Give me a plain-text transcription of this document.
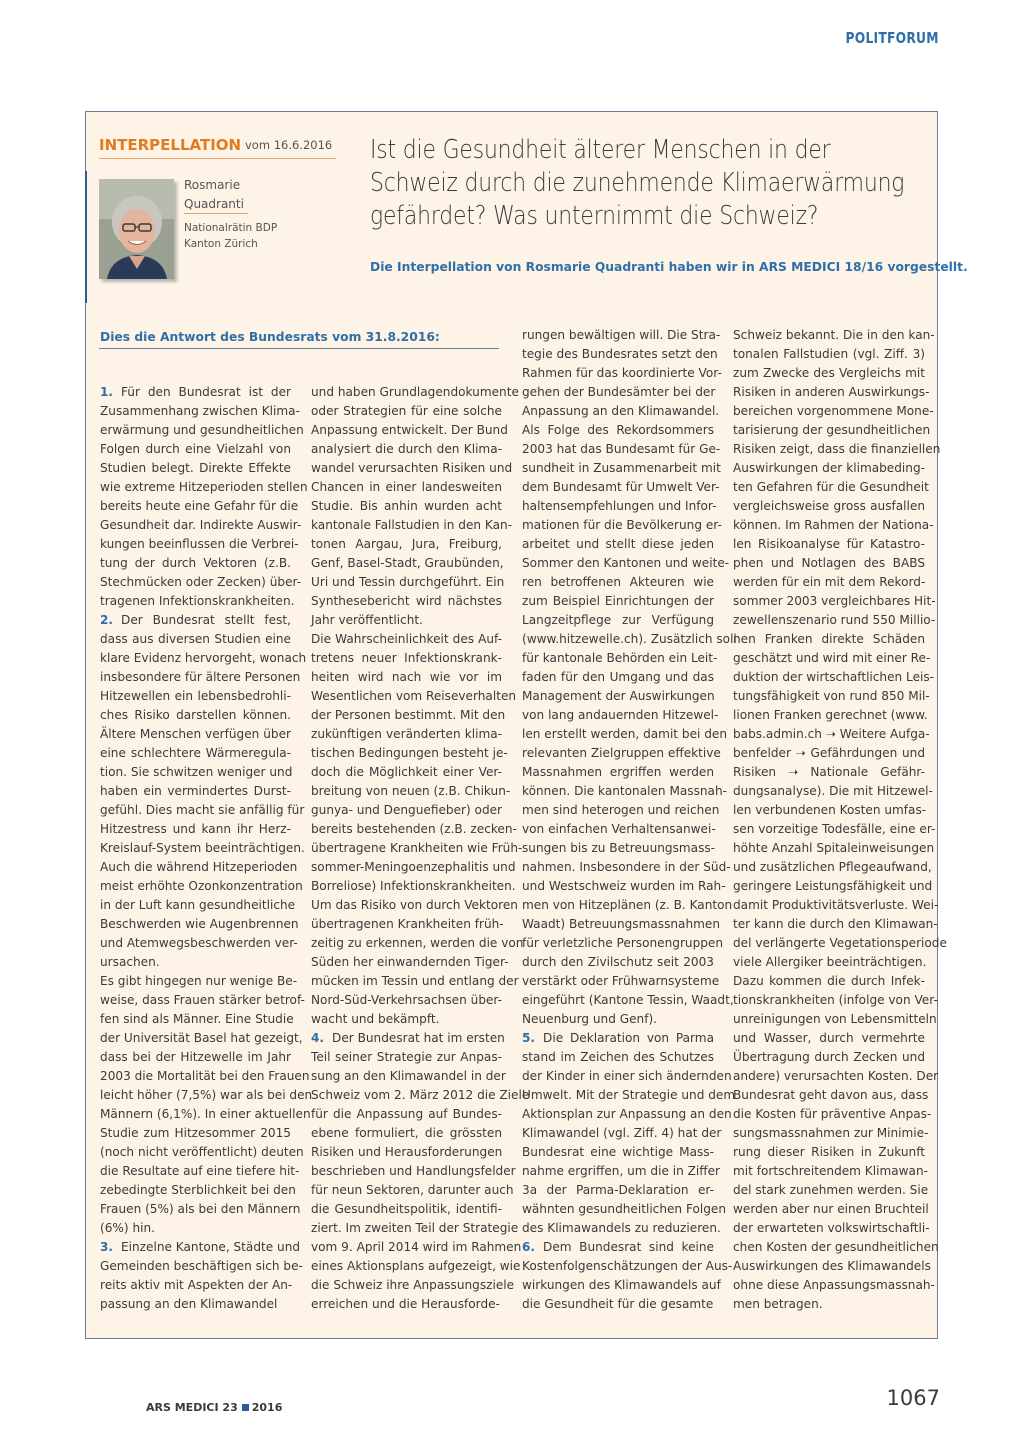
POLITFORUM
INTERPELLATION vom 16.6.2016
Rosmarie
Quadranti
Nationalrätin BDP
Kanton Zürich
Ist die Gesundheit älterer Menschen in der
Schweiz durch die zunehmende Klimaerwärmung
gefährdet? Was unternimmt die Schweiz?
Die Interpellation von Rosmarie Quadranti haben wir in ARS MEDICI 18/16 vorgestellt.
Dies die Antwort des Bundesrats vom 31.8.2016:
1. Für den Bundesrat ist der
Zusammenhang zwischen Klima-
erwärmung und gesundheitlichen
Folgen durch eine Vielzahl von
Studien belegt. Direkte Effekte
wie extreme Hitzeperioden stellen
bereits heute eine Gefahr für die
Gesundheit dar. Indirekte Auswir-
kungen beeinflussen die Verbrei-
tung der durch Vektoren (z.B.
Stechmücken oder Zecken) über-
tragenen Infektionskrankheiten.
2. Der Bundesrat stellt fest,
dass aus diversen Studien eine
klare Evidenz hervorgeht, wonach
insbesondere für ältere Personen
Hitzewellen ein lebensbedrohli-
ches Risiko darstellen können.
Ältere Menschen verfügen über
eine schlechtere Wärmeregula-
tion. Sie schwitzen weniger und
haben ein vermindertes Durst-
gefühl. Dies macht sie anfällig für
Hitzestress und kann ihr Herz-
Kreislauf-System beeinträchtigen.
Auch die während Hitzeperioden
meist erhöhte Ozonkonzentration
in der Luft kann gesundheitliche
Beschwerden wie Augenbrennen
und Atemwegsbeschwerden ver-
ursachen.
Es gibt hingegen nur wenige Be-
weise, dass Frauen stärker betrof-
fen sind als Männer. Eine Studie
der Universität Basel hat gezeigt,
dass bei der Hitzewelle im Jahr
2003 die Mortalität bei den Frauen
leicht höher (7,5%) war als bei den
Männern (6,1%). In einer aktuellen
Studie zum Hitzesommer 2015
(noch nicht veröffentlicht) deuten
die Resultate auf eine tiefere hit-
zebedingte Sterblichkeit bei den
Frauen (5%) als bei den Männern
(6%) hin.
3. Einzelne Kantone, Städte und
Gemeinden beschäftigen sich be-
reits aktiv mit Aspekten der An-
passung an den Klimawandel
und haben Grundlagendokumente
oder Strategien für eine solche
Anpassung entwickelt. Der Bund
analysiert die durch den Klima-
wandel verursachten Risiken und
Chancen in einer landesweiten
Studie. Bis anhin wurden acht
kantonale Fallstudien in den Kan-
tonen Aargau, Jura, Freiburg,
Genf, Basel-Stadt, Graubünden,
Uri und Tessin durchgeführt. Ein
Synthesebericht wird nächstes
Jahr veröffentlicht.
Die Wahrscheinlichkeit des Auf-
tretens neuer Infektionskrank-
heiten wird nach wie vor im
Wesentlichen vom Reiseverhalten
der Personen bestimmt. Mit den
zukünftigen veränderten klima-
tischen Bedingungen besteht je-
doch die Möglichkeit einer Ver-
breitung von neuen (z.B. Chikun-
gunya- und Denguefieber) oder
bereits bestehenden (z.B. zecken-
übertragene Krankheiten wie Früh-
sommer-Meningoenzephalitis und
Borreliose) Infektionskrankheiten.
Um das Risiko von durch Vektoren
übertragenen Krankheiten früh-
zeitig zu erkennen, werden die von
Süden her einwandernden Tiger-
mücken im Tessin und entlang der
Nord-Süd-Verkehrsachsen über-
wacht und bekämpft.
4. Der Bundesrat hat im ersten
Teil seiner Strategie zur Anpas-
sung an den Klimawandel in der
Schweiz vom 2. März 2012 die Ziele
für die Anpassung auf Bundes-
ebene formuliert, die grössten
Risiken und Herausforderungen
beschrieben und Handlungsfelder
für neun Sektoren, darunter auch
die Gesundheitspolitik, identifi-
ziert. Im zweiten Teil der Strategie
vom 9. April 2014 wird im Rahmen
eines Aktionsplans aufgezeigt, wie
die Schweiz ihre Anpassungsziele
erreichen und die Herausforde-
rungen bewältigen will. Die Stra-
tegie des Bundesrates setzt den
Rahmen für das koordinierte Vor-
gehen der Bundesämter bei der
Anpassung an den Klimawandel.
Als Folge des Rekordsommers
2003 hat das Bundesamt für Ge-
sundheit in Zusammenarbeit mit
dem Bundesamt für Umwelt Ver-
haltensempfehlungen und Infor-
mationen für die Bevölkerung er-
arbeitet und stellt diese jeden
Sommer den Kantonen und weite-
ren betroffenen Akteuren wie
zum Beispiel Einrichtungen der
Langzeitpflege zur Verfügung
(www.hitzewelle.ch). Zusätzlich soll
für kantonale Behörden ein Leit-
faden für den Umgang und das
Management der Auswirkungen
von lang andauernden Hitzewel-
len erstellt werden, damit bei den
relevanten Zielgruppen effektive
Massnahmen ergriffen werden
können. Die kantonalen Massnah-
men sind heterogen und reichen
von einfachen Verhaltensanwei-
sungen bis zu Betreuungsmass-
nahmen. Insbesondere in der Süd-
und Westschweiz wurden im Rah-
men von Hitzeplänen (z. B. Kanton
Waadt) Betreuungsmassnahmen
für verletzliche Personengruppen
durch den Zivilschutz seit 2003
verstärkt oder Frühwarnsysteme
eingeführt (Kantone Tessin, Waadt,
Neuenburg und Genf).
5. Die Deklaration von Parma
stand im Zeichen des Schutzes
der Kinder in einer sich ändernden
Umwelt. Mit der Strategie und dem
Aktionsplan zur Anpassung an den
Klimawandel (vgl. Ziff. 4) hat der
Bundesrat eine wichtige Mass-
nahme ergriffen, um die in Ziffer
3a der Parma-Deklaration er-
wähnten gesundheitlichen Folgen
des Klimawandels zu reduzieren.
6. Dem Bundesrat sind keine
Kostenfolgenschätzungen der Aus-
wirkungen des Klimawandels auf
die Gesundheit für die gesamte
Schweiz bekannt. Die in den kan-
tonalen Fallstudien (vgl. Ziff. 3)
zum Zwecke des Vergleichs mit
Risiken in anderen Auswirkungs-
bereichen vorgenommene Mone-
tarisierung der gesundheitlichen
Risiken zeigt, dass die finanziellen
Auswirkungen der klimabeding-
ten Gefahren für die Gesundheit
vergleichsweise gross ausfallen
können. Im Rahmen der Nationa-
len Risikoanalyse für Katastro-
phen und Notlagen des BABS
werden für ein mit dem Rekord-
sommer 2003 vergleichbares Hit-
zewellenszenario rund 550 Millio-
nen Franken direkte Schäden
geschätzt und wird mit einer Re-
duktion der wirtschaftlichen Leis-
tungsfähigkeit von rund 850 Mil-
lionen Franken gerechnet (www.
babs.admin.ch ➝ Weitere Aufga-
benfelder ➝ Gefährdungen und
Risiken ➝ Nationale Gefähr-
dungsanalyse). Die mit Hitzewel-
len verbundenen Kosten umfas-
sen vorzeitige Todesfälle, eine er-
höhte Anzahl Spitaleinweisungen
und zusätzlichen Pflegeaufwand,
geringere Leistungsfähigkeit und
damit Produktivitätsverluste. Wei-
ter kann die durch den Klimawan-
del verlängerte Vegetationsperiode
viele Allergiker beeinträchtigen.
Dazu kommen die durch Infek-
tionskrankheiten (infolge von Ver-
unreinigungen von Lebensmitteln
und Wasser, durch vermehrte
Übertragung durch Zecken und
andere) verursachten Kosten. Der
Bundesrat geht davon aus, dass
die Kosten für präventive Anpas-
sungsmassnahmen zur Minimie-
rung dieser Risiken in Zukunft
mit fortschreitendem Klimawan-
del stark zunehmen werden. Sie
werden aber nur einen Bruchteil
der erwarteten volkswirtschaftli-
chen Kosten der gesundheitlichen
Auswirkungen des Klimawandels
ohne diese Anpassungsmassnah-
men betragen.
ARS MEDICI 23 2016	1067
